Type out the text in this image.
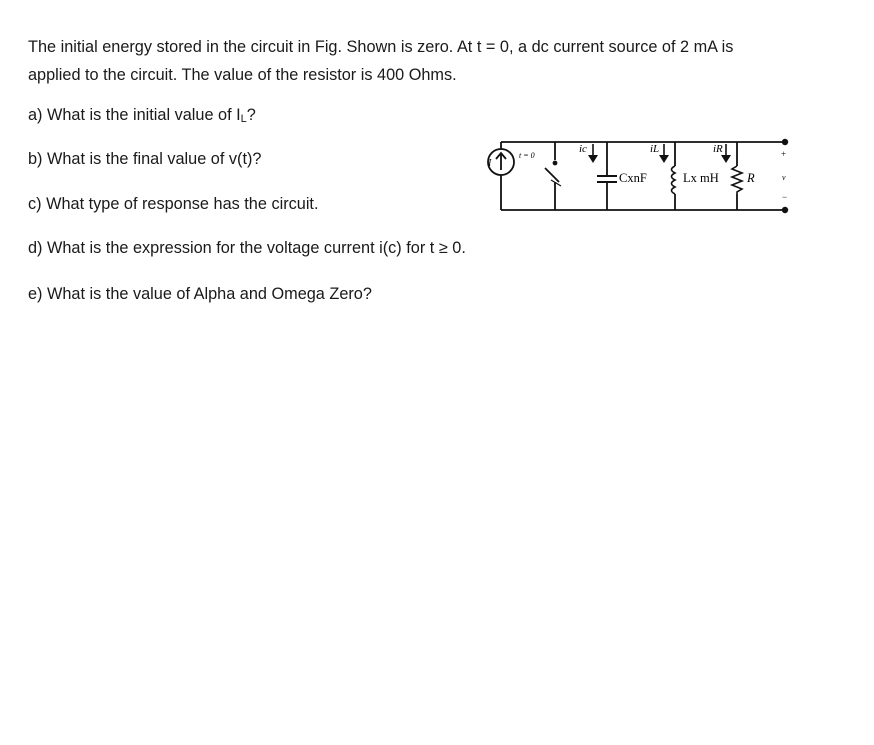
The initial energy stored in the circuit in Fig. Shown is zero. At t = 0, a dc current source of 2 mA is
applied to the circuit. The value of the resistor is 400 Ohms.

a) What is the initial value of IL?

b) What is the final value of v(t)?

c) What type of response has the circuit.

d) What is the expression for the voltage current i(c) for t ≥ 0.

e) What is the value of Alpha and Omega Zero?

I
t = 0
ic	iL	iR
CxnF	Lx mH R
+
v
−
